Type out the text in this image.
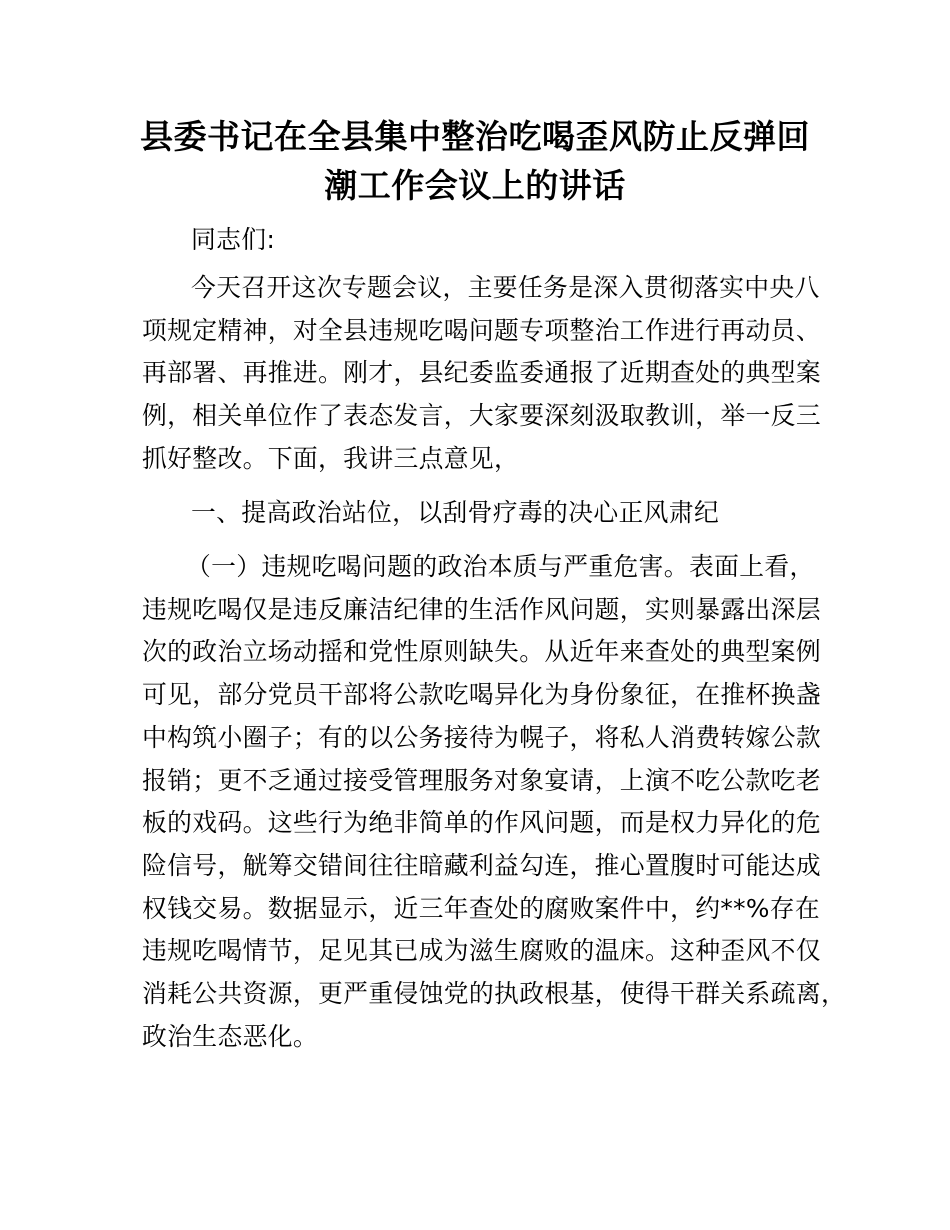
县委书记在全县集中整治吃喝歪风防止反弹回
潮工作会议上的讲话

同志们:

今天召开这次专题会议，主要任务是深入贯彻落实中央八
项规定精神，对全县违规吃喝问题专项整治工作进行再动员、
再部署、再推进。刚才，县纪委监委通报了近期查处的典型案
例，相关单位作了表态发言，大家要深刻汲取教训，举一反三
抓好整改。下面，我讲三点意见，

一、提高政治站位，以刮骨疗毒的决心正风肃纪

（一）违规吃喝问题的政治本质与严重危害。表面上看，
违规吃喝仅是违反廉洁纪律的生活作风问题，实则暴露出深层
次的政治立场动摇和党性原则缺失。从近年来查处的典型案例
可见，部分党员干部将公款吃喝异化为身份象征，在推杯换盏
中构筑小圈子；有的以公务接待为幌子，将私人消费转嫁公款
报销；更不乏通过接受管理服务对象宴请，上演不吃公款吃老
板的戏码。这些行为绝非简单的作风问题，而是权力异化的危
险信号，觥筹交错间往往暗藏利益勾连，推心置腹时可能达成
权钱交易。数据显示，近三年查处的腐败案件中，约**%存在
违规吃喝情节，足见其已成为滋生腐败的温床。这种歪风不仅
消耗公共资源，更严重侵蚀党的执政根基，使得干群关系疏离，
政治生态恶化。
